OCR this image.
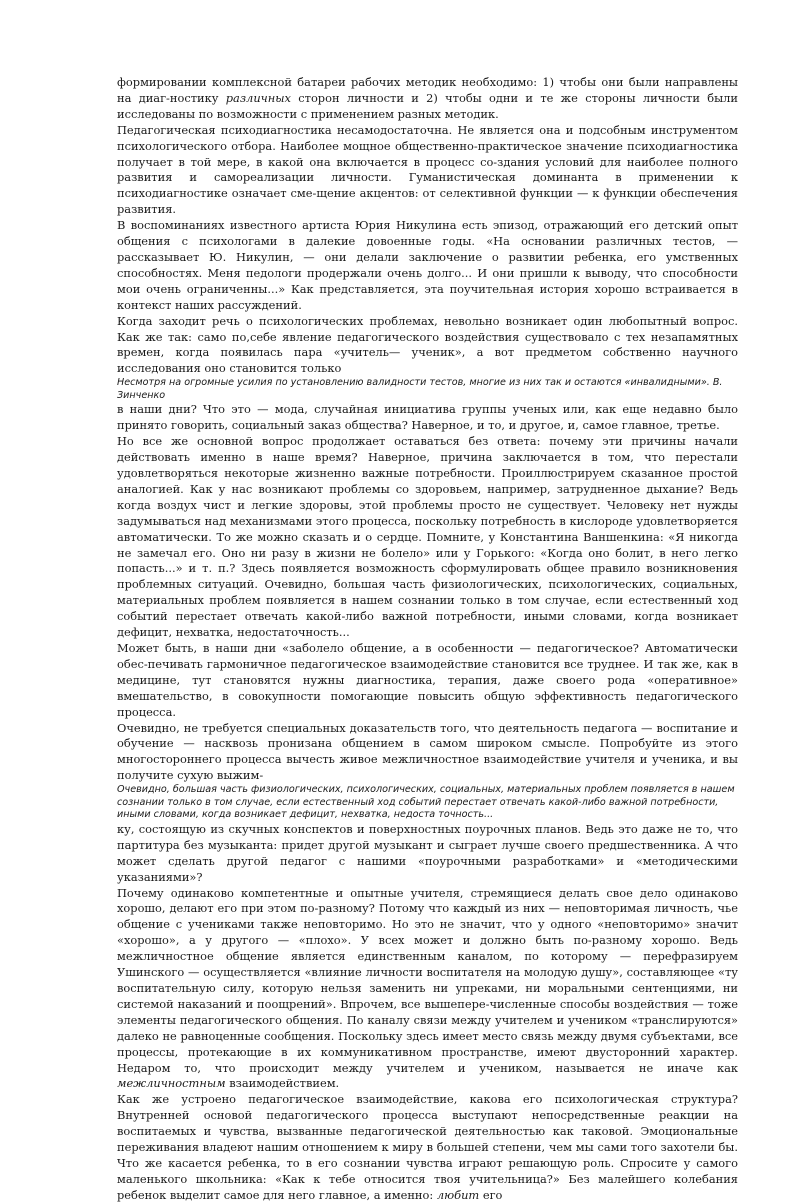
формировании комплексной батареи рабочих методик необходимо: 1) чтобы они были направлены на диаг-ностику различных сторон личности и 2) чтобы одни и те же стороны личности были исследованы по возможности с применением разных методик.

Педагогическая психодиагностика несамодостаточна. Не является она и подсобным инструментом психологического отбора. Наиболее мощное общественно-практическое значение психодиагностика получает в той мере, в какой она включается в процесс со-здания условий для наиболее полного развития и самореализации личности. Гуманистическая доминанта в применении к психодиагностике означает сме-щение акцентов: от селективной функции — к функции обеспечения развития.

В воспоминаниях известного артиста Юрия Никулина есть эпизод, отражающий его детский опыт общения с психологами в далекие довоенные годы. «На основании различных тестов, — рассказывает Ю. Никулин, — они делали заключение о развитии ребенка, его умственных способностях. Меня педологи продержали очень долго... И они пришли к выводу, что способности мои очень ограниченны...» Как представляется, эта поучительная история хорошо встраивается в контекст наших рассуждений.

Когда заходит речь о психологических проблемах, невольно возникает один любопытный вопрос. Как же так: само по,себе явление педагогического воздействия существовало с тех незапамятных времен, когда появилась пара «учитель— ученик», а вот предметом собственно научного исследования оно становится только

Несмотря на огромные усилия по установлению валидности тестов, многие из них так и остаются «инвалидными». В. Зинченко

в наши дни? Что это — мода, случайная инициатива группы ученых или, как еще недавно было принято говорить, социальный заказ общества? Наверное, и то, и другое, и, самое главное, третье.

Но все же основной вопрос продолжает оставаться без ответа: почему эти причины начали действовать именно в наше время? Наверное, причина заключается в том, что перестали удовлетворяться некоторые жизненно важные потребности. Проиллюстрируем сказанное простой аналогией. Как у нас возникают проблемы со здоровьем, например, затрудненное дыхание? Ведь когда воздух чист и легкие здоровы, этой проблемы просто не существует. Человеку нет нужды задумываться над механизмами этого процесса, поскольку потребность в кислороде удовлетворяется автоматически. То же можно сказать и о сердце. Помните, у Константина Ваншенкина: «Я никогда не замечал его. Оно ни разу в жизни не болело» или у Горького: «Когда оно болит, в него легко попасть...» и т. п.? Здесь появляется возможность сформулировать общее правило возникновения проблемных ситуаций. Очевидно, большая часть физиологических, психологических, социальных, материальных проблем появляется в нашем сознании только в том случае, если естественный ход событий перестает отвечать какой-либо важной потребности, иными словами, когда возникает дефицит, нехватка, недостаточность...

Может быть, в наши дни «заболело общение, а в особенности — педагогическое? Автоматически обес-печивать гармоничное педагогическое взаимодействие становится все труднее. И так же, как в медицине, тут становятся нужны диагностика, терапия, даже своего рода «оперативное» вмешательство, в совокупности помогающие повысить общую эффективность педагогического процесса.

Очевидно, не требуется специальных доказательств того, что деятельность педагога — воспитание и обучение — насквозь пронизана общением в самом широком смысле. Попробуйте из этого многостороннего процесса вычесть живое межличностное взаимодействие учителя и ученика, и вы получите сухую выжим-

Очевидно, большая часть физиологических, психологических, социальных, материальных проблем появляется в нашем сознании только в том случае, если естественный ход событий перестает отвечать какой-либо важной потребности, иными словами, когда возникает дефицит, нехватка, недоста точность...

ку, состоящую из скучных конспектов и поверхностных поурочных планов. Ведь это даже не то, что партитура без музыканта: придет другой музыкант и сыграет лучше своего предшественника. А что может сделать другой педагог с нашими «поурочными разработками» и «методическими указаниями»?

Почему одинаково компетентные и опытные учителя, стремящиеся делать свое дело одинаково хорошо, делают его при этом по-разному? Потому что каждый из них — неповторимая личность, чье общение с учениками также неповторимо. Но это не значит, что у одного «неповторимо» значит «хорошо», а у другого — «плохо». У всех может и должно быть по-разному хорошо. Ведь межличностное общение является единственным каналом, по которому — перефразируем Ушинского — осуществляется «влияние личности воспитателя на молодую душу», составляющее «ту воспитательную силу, которую нельзя заменить ни упреками, ни моральными сентенциями, ни системой наказаний и поощрений». Впрочем, все вышепере-численные способы воздействия — тоже элементы педагогического общения. По каналу связи между учителем и учеником «транслируются» далеко не равноценные сообщения. Поскольку здесь имеет место связь между двумя субъектами, все процессы, протекающие в их коммуникативном пространстве, имеют двусторонний характер. Недаром то, что происходит между учителем и учеником, называется не иначе как межличностным взаимодействием.

Как же устроено педагогическое взаимодействие, какова его психологическая структура? Внутренней основой педагогического процесса выступают непосредственные реакции на воспитаемых и чувства, вызванные педагогической деятельностью как таковой. Эмоциональные переживания владеют нашим отношением к миру в большей степени, чем мы сами того захотели бы. Что же касается ребенка, то в его сознании чувства играют решающую роль. Спросите у самого маленького школьника: «Как к тебе относится твоя учительница?» Без малейшего колебания ребенок выделит самое для него главное, а именно: любит его
